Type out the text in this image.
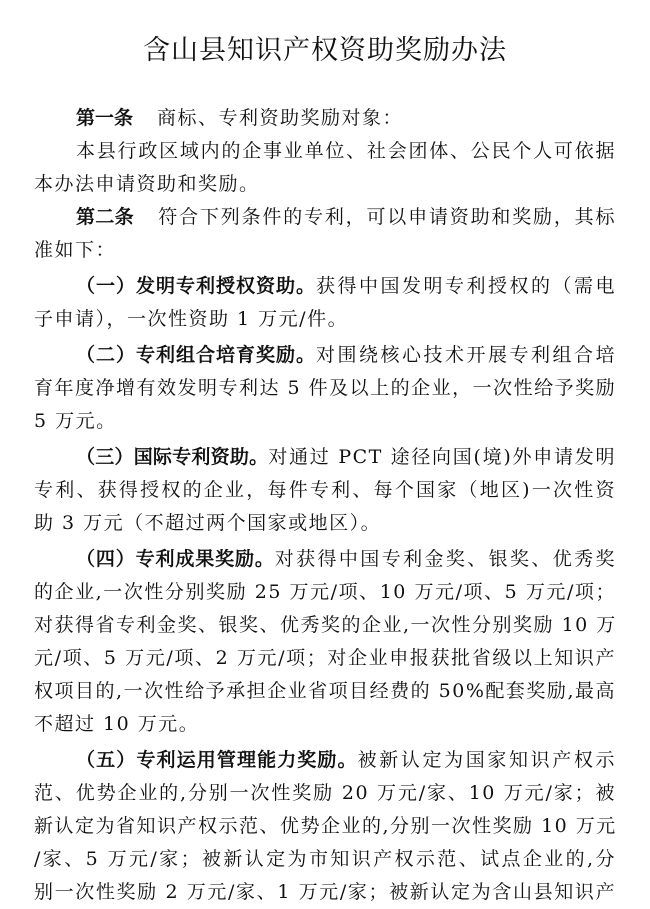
含山县知识产权资助奖励办法
第一条 商标、专利资助奖励对象：
本县行政区域内的企事业单位、社会团体、公民个人可依据
本办法申请资助和奖励。
第二条 符合下列条件的专利，可以申请资助和奖励，其标
准如下：
（一）发明专利授权资助。获得中国发明专利授权的（需电
子申请），一次性资助 1 万元/件。
（二）专利组合培育奖励。对围绕核心技术开展专利组合培
育年度净增有效发明专利达 5 件及以上的企业，一次性给予奖励
5 万元。
（三）国际专利资助。对通过 PCT 途径向国(境)外申请发明
专利、获得授权的企业，每件专利、每个国家（地区)一次性资
助 3 万元（不超过两个国家或地区）。
（四）专利成果奖励。对获得中国专利金奖、银奖、优秀奖
的企业,一次性分别奖励 25 万元/项、10 万元/项、5 万元/项；
对获得省专利金奖、银奖、优秀奖的企业,一次性分别奖励 10 万
元/项、5 万元/项、2 万元/项；对企业申报获批省级以上知识产
权项目的,一次性给予承担企业省项目经费的 50%配套奖励,最高
不超过 10 万元。
（五）专利运用管理能力奖励。被新认定为国家知识产权示
范、优势企业的,分别一次性奖励 20 万元/家、10 万元/家；被
新认定为省知识产权示范、优势企业的,分别一次性奖励 10 万元
/家、5 万元/家；被新认定为市知识产权示范、试点企业的,分
别一次性奖励 2 万元/家、1 万元/家；被新认定为含山县知识产
